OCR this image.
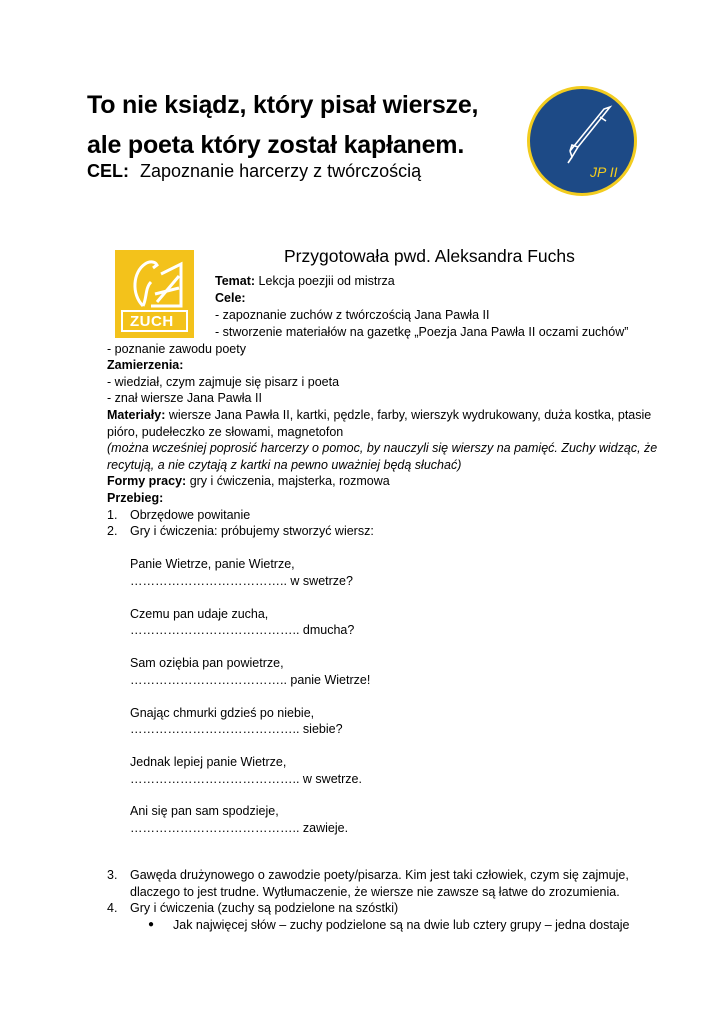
To nie ksiądz, który pisał wiersze,
ale poeta który został kapłanem.
CEL: Zapoznanie harcerzy z twórczością	JP II
ZUCH
Przygotowała pwd. Aleksandra Fuchs
Temat: Lekcja poezjii od mistrza
Cele:
- zapoznanie zuchów z twórczością Jana Pawła II
- stworzenie materiałów na gazetkę „Poezja Jana Pawła II oczami zuchów”
- poznanie zawodu poety
Zamierzenia:
- wiedział, czym zajmuje się pisarz i poeta
- znał wiersze Jana Pawła II
Materiały: wiersze Jana Pawła II, kartki, pędzle, farby, wierszyk wydrukowany, duża kostka, ptasie
pióro, pudełeczko ze słowami, magnetofon
(można wcześniej poprosić harcerzy o pomoc, by nauczyli się wierszy na pamięć. Zuchy widząc, że
recytują, a nie czytają z kartki na pewno uważniej będą słuchać)
Formy pracy: gry i ćwiczenia, majsterka, rozmowa
Przebieg:
1. Obrzędowe powitanie
2. Gry i ćwiczenia: próbujemy stworzyć wiersz:
Panie Wietrze, panie Wietrze,
……………………………….. w swetrze?
Czemu pan udaje zucha,
………………………………….. dmucha?
Sam oziębia pan powietrze,
……………………………….. panie Wietrze!
Gnając chmurki gdzieś po niebie,
………………………………….. siebie?
Jednak lepiej panie Wietrze,
………………………………….. w swetrze.
Ani się pan sam spodzieje,
………………………………….. zawieje.
3. Gawęda drużynowego o zawodzie poety/pisarza. Kim jest taki człowiek, czym się zajmuje,
dlaczego to jest trudne. Wytłumaczenie, że wiersze nie zawsze są łatwe do zrozumienia.
4. Gry i ćwiczenia (zuchy są podzielone na szóstki)
● Jak najwięcej słów – zuchy podzielone są na dwie lub cztery grupy – jedna dostaje
